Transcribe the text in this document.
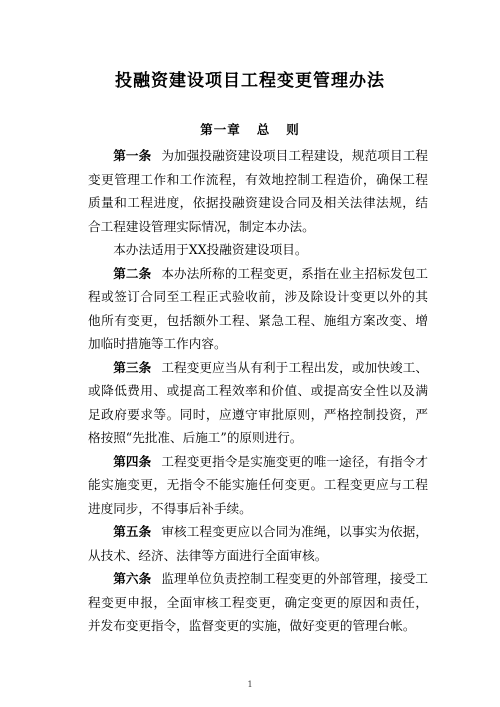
投融资建设项目工程变更管理办法
第一章 总 则

第一条 为加强投融资建设项目工程建设，规范项目工程变更管理工作和工作流程，有效地控制工程造价，确保工程质量和工程进度，依据投融资建设合同及相关法律法规，结合工程建设管理实际情况，制定本办法。

本办法适用于XX投融资建设项目。

第二条 本办法所称的工程变更，系指在业主招标发包工程或签订合同至工程正式验收前，涉及除设计变更以外的其他所有变更，包括额外工程、紧急工程、施组方案改变、增加临时措施等工作内容。

第三条 工程变更应当从有利于工程出发，或加快竣工、或降低费用、或提高工程效率和价值、或提高安全性以及满足政府要求等。同时，应遵守审批原则，严格控制投资，严格按照“先批准、后施工”的原则进行。

第四条 工程变更指令是实施变更的唯一途径，有指令才能实施变更，无指令不能实施任何变更。工程变更应与工程进度同步，不得事后补手续。

第五条 审核工程变更应以合同为准绳，以事实为依据，从技术、经济、法律等方面进行全面审核。

第六条 监理单位负责控制工程变更的外部管理，接受工程变更申报，全面审核工程变更，确定变更的原因和责任，并发布变更指令，监督变更的实施，做好变更的管理台帐。

1
